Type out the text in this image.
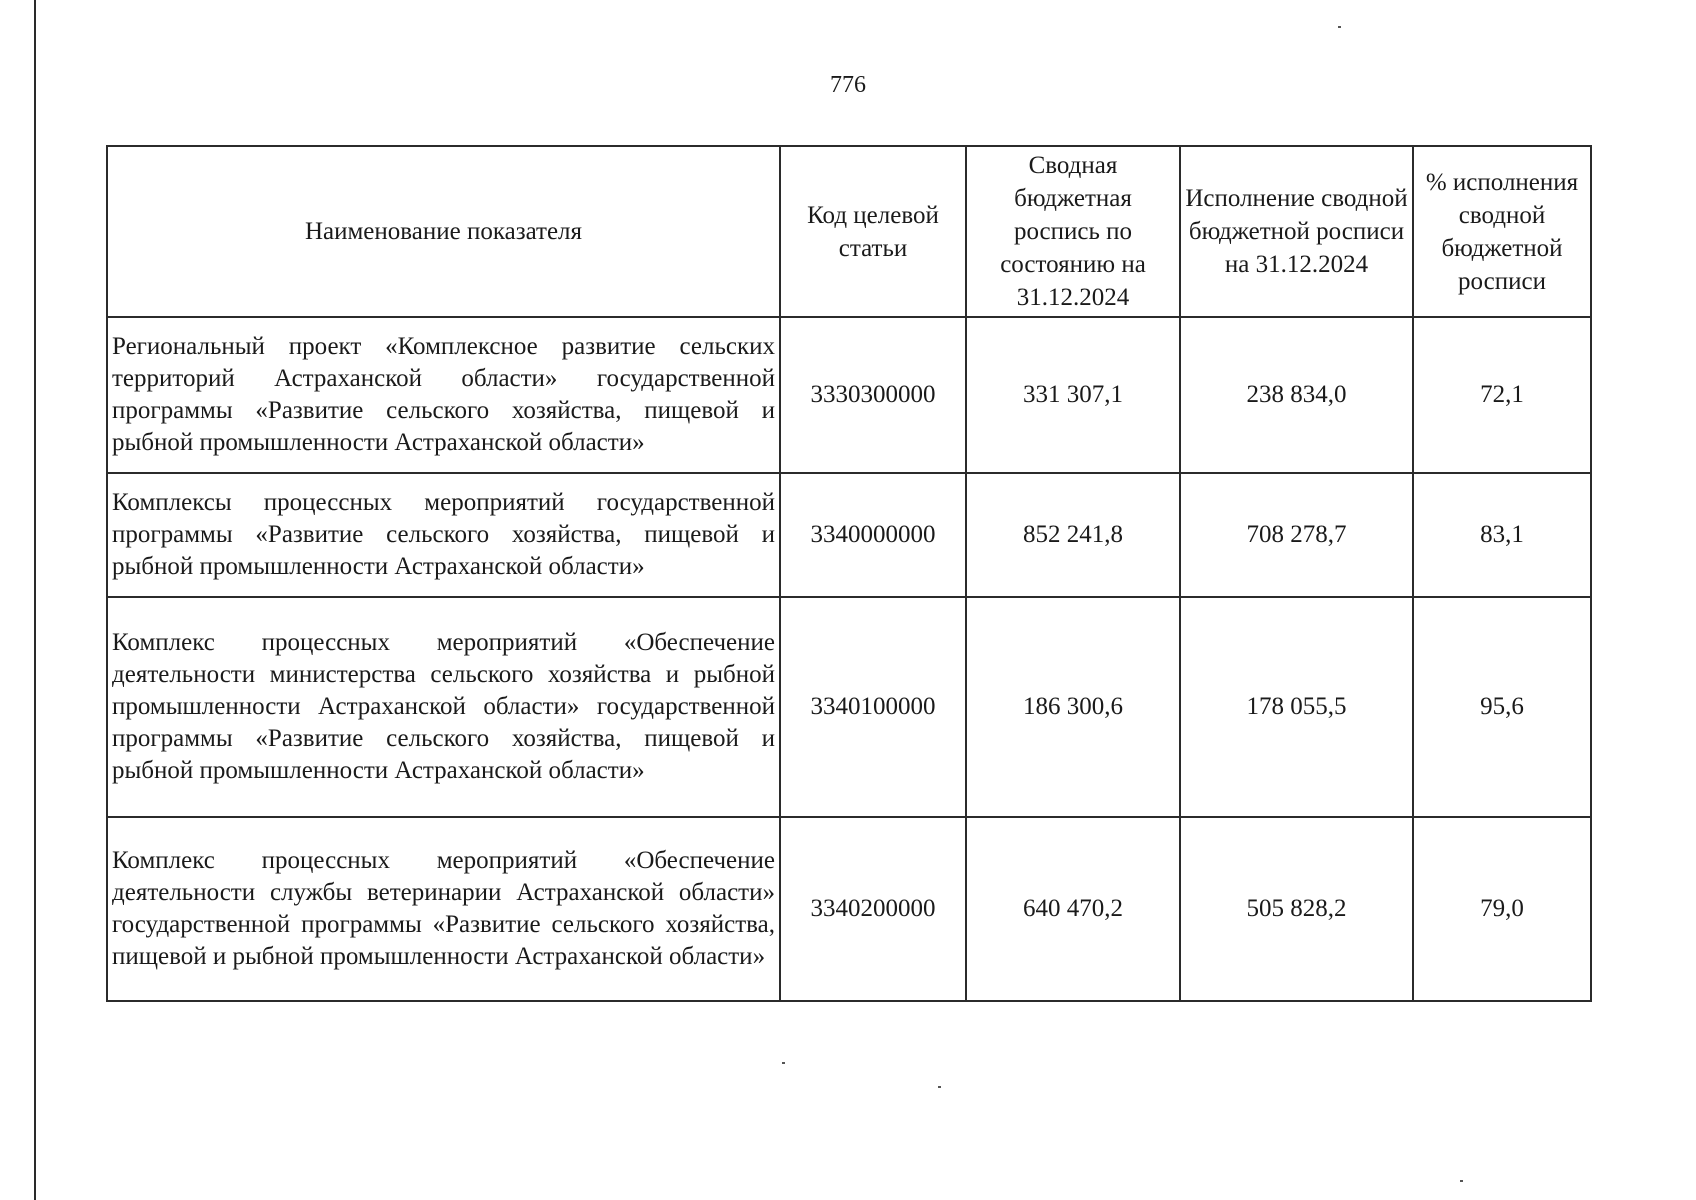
776
Наименование показателя	Код целевой статьи	Сводная бюджетная роспись по состоянию на 31.12.2024	Исполнение сводной бюджетной росписи на 31.12.2024	% исполнения сводной бюджетной росписи
Региональный проект «Комплексное развитие сельских территорий Астраханской области» государственной программы «Развитие сельского хозяйства, пищевой и рыбной промышленности Астраханской области»	3330300000	331 307,1	238 834,0	72,1
Комплексы процессных мероприятий государственной программы «Развитие сельского хозяйства, пищевой и рыбной промышленности Астраханской области»	3340000000	852 241,8	708 278,7	83,1
Комплекс процессных мероприятий «Обеспечение деятельности министерства сельского хозяйства и рыбной промышленности Астраханской области» государственной программы «Развитие сельского хозяйства, пищевой и рыбной промышленности Астраханской области»	3340100000	186 300,6	178 055,5	95,6
Комплекс процессных мероприятий «Обеспечение деятельности службы ветеринарии Астраханской области» государственной программы «Развитие сельского хозяйства, пищевой и рыбной промышленности Астраханской области»	3340200000	640 470,2	505 828,2	79,0
